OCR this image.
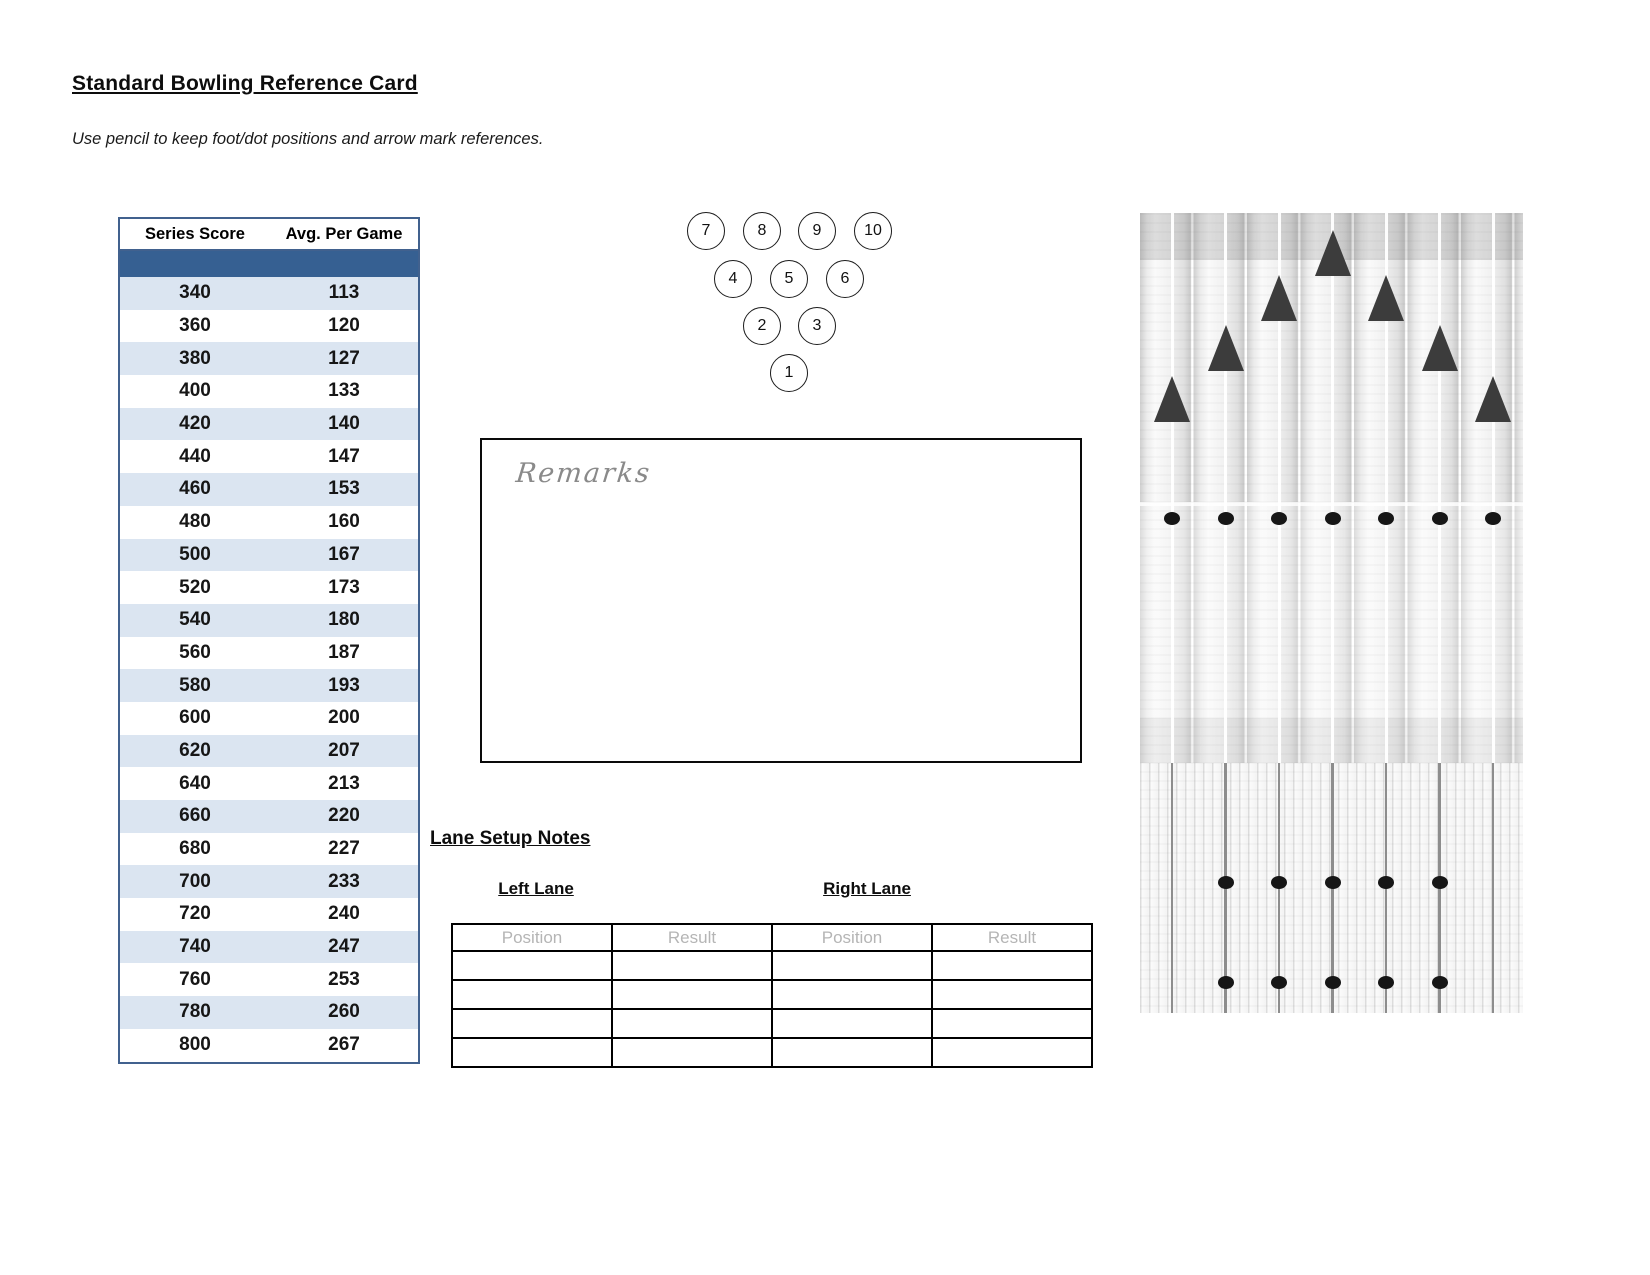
Standard Bowling Reference Card
Use pencil to keep foot/dot positions and arrow mark references.
Series Score	Avg. Per Game
340	113
360	120
380	127
400	133
420	140
440	147
460	153
480	160
500	167
520	173
540	180
560	187
580	193
600	200
620	207
640	213
660	220
680	227
700	233
720	240
740	247
760	253
780	260
800	267
7	8	9	10
4	5	6
2	3
1
Remarks
Lane Setup Notes
Left Lane	Right Lane
Position	Result	Position	Result
